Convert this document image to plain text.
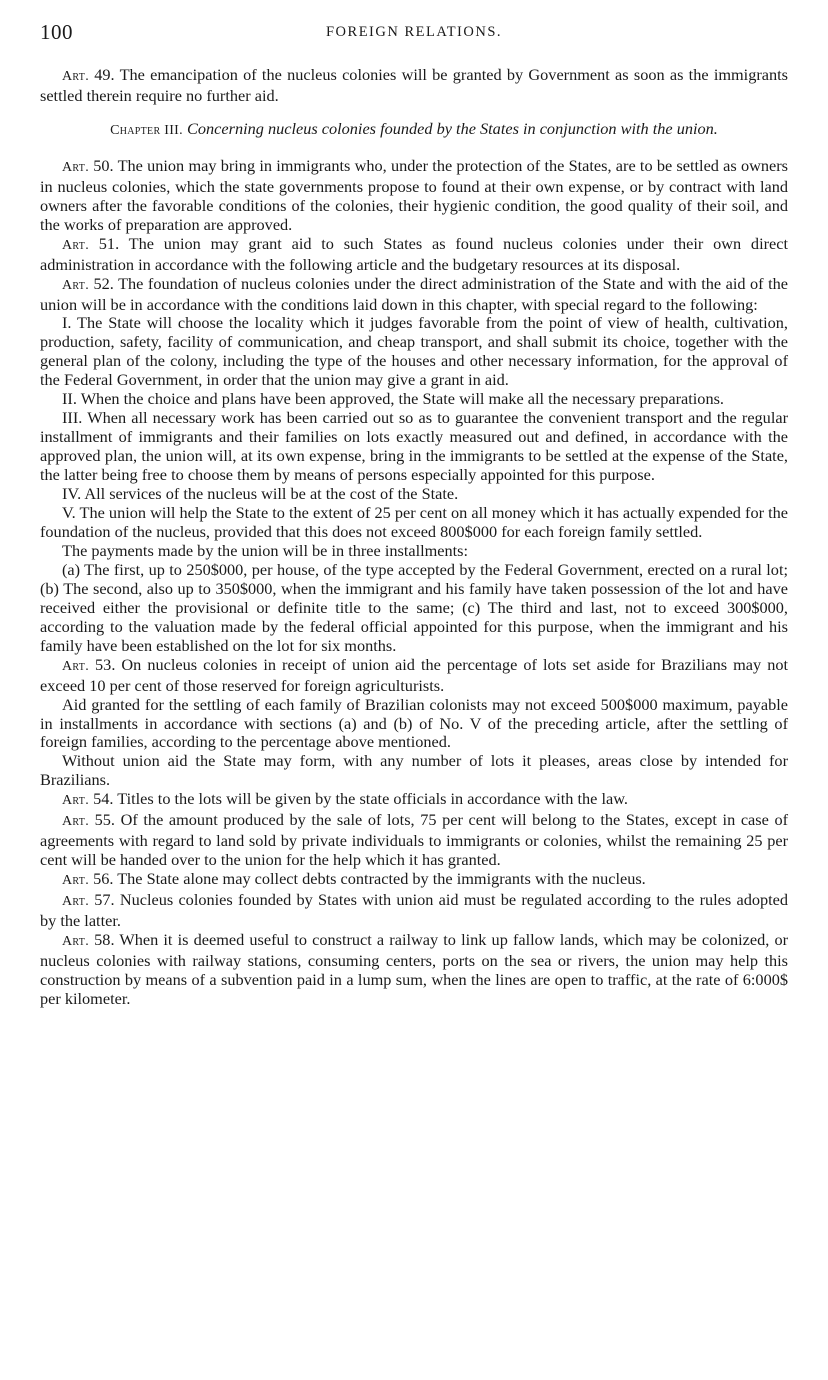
100	FOREIGN RELATIONS.

Art. 49. The emancipation of the nucleus colonies will be granted by Government as soon as the immigrants settled therein require no further aid.

Chapter III. Concerning nucleus colonies founded by the States in conjunction with the union.

Art. 50. The union may bring in immigrants who, under the protection of the States, are to be settled as owners in nucleus colonies, which the state governments propose to found at their own expense, or by contract with land owners after the favorable conditions of the colonies, their hygienic condition, the good quality of their soil, and the works of preparation are approved.

Art. 51. The union may grant aid to such States as found nucleus colonies under their own direct administration in accordance with the following article and the budgetary resources at its disposal.

Art. 52. The foundation of nucleus colonies under the direct administration of the State and with the aid of the union will be in accordance with the conditions laid down in this chapter, with special regard to the following:

I. The State will choose the locality which it judges favorable from the point of view of health, cultivation, production, safety, facility of communication, and cheap transport, and shall submit its choice, together with the general plan of the colony, including the type of the houses and other necessary information, for the approval of the Federal Government, in order that the union may give a grant in aid.

II. When the choice and plans have been approved, the State will make all the necessary preparations.

III. When all necessary work has been carried out so as to guarantee the convenient transport and the regular installment of immigrants and their families on lots exactly measured out and defined, in accordance with the approved plan, the union will, at its own expense, bring in the immigrants to be settled at the expense of the State, the latter being free to choose them by means of persons especially appointed for this purpose.

IV. All services of the nucleus will be at the cost of the State.

V. The union will help the State to the extent of 25 per cent on all money which it has actually expended for the foundation of the nucleus, provided that this does not exceed 800$000 for each foreign family settled.

The payments made by the union will be in three installments:

(a) The first, up to 250$000, per house, of the type accepted by the Federal Government, erected on a rural lot; (b) The second, also up to 350$000, when the immigrant and his family have taken possession of the lot and have received either the provisional or definite title to the same; (c) The third and last, not to exceed 300$000, according to the valuation made by the federal official appointed for this purpose, when the immigrant and his family have been established on the lot for six months.

Art. 53. On nucleus colonies in receipt of union aid the percentage of lots set aside for Brazilians may not exceed 10 per cent of those reserved for foreign agriculturists.

Aid granted for the settling of each family of Brazilian colonists may not exceed 500$000 maximum, payable in installments in accordance with sections (a) and (b) of No. V of the preceding article, after the settling of foreign families, according to the percentage above mentioned.

Without union aid the State may form, with any number of lots it pleases, areas close by intended for Brazilians.

Art. 54. Titles to the lots will be given by the state officials in accordance with the law.

Art. 55. Of the amount produced by the sale of lots, 75 per cent will belong to the States, except in case of agreements with regard to land sold by private individuals to immigrants or colonies, whilst the remaining 25 per cent will be handed over to the union for the help which it has granted.

Art. 56. The State alone may collect debts contracted by the immigrants with the nucleus.

Art. 57. Nucleus colonies founded by States with union aid must be regulated according to the rules adopted by the latter.

Art. 58. When it is deemed useful to construct a railway to link up fallow lands, which may be colonized, or nucleus colonies with railway stations, consuming centers, ports on the sea or rivers, the union may help this construction by means of a subvention paid in a lump sum, when the lines are open to traffic, at the rate of 6:000$ per kilometer.
